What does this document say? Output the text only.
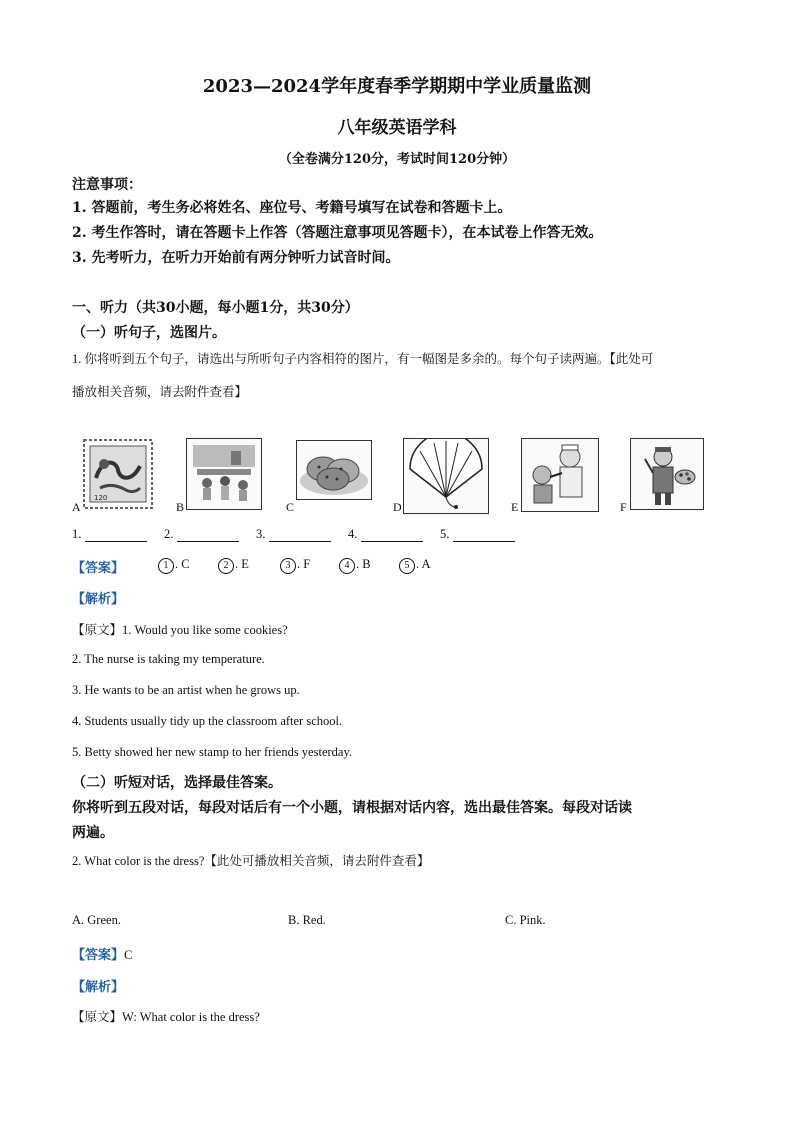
2023—2024学年度春季学期期中学业质量监测
八年级英语学科
（全卷满分120分，考试时间120分钟）
注意事项：
1. 答题前，考生务必将姓名、座位号、考籍号填写在试卷和答题卡上。
2. 考生作答时，请在答题卡上作答（答题注意事项见答题卡），在本试卷上作答无效。
3. 先考听力，在听力开始前有两分钟听力试音时间。
一、听力（共30小题，每小题1分，共30分）
（一）听句子，选图片。
1. 你将听到五个句子，请选出与所听句子内容相符的图片，有一幅图是多余的。每个句子读两遍。【此处可
播放相关音频，请去附件查看】
120
A	B	C	D	E	F
1.	2.	3.	4.	5.
【答案】	1 . C	2 . E	3 . F	4 . B	5 . A
【解析】
【原文】1. Would you like some cookies?
2. The nurse is taking my temperature.
3. He wants to be an artist when he grows up.
4. Students usually tidy up the classroom after school.
5. Betty showed her new stamp to her friends yesterday.
（二）听短对话，选择最佳答案。
你将听到五段对话，每段对话后有一个小题，请根据对话内容，选出最佳答案。每段对话读
两遍。
2. What color is the dress?【此处可播放相关音频，请去附件查看】
A. Green.	B. Red.	C. Pink.
【答案】C
【解析】
【原文】W: What color is the dress?
